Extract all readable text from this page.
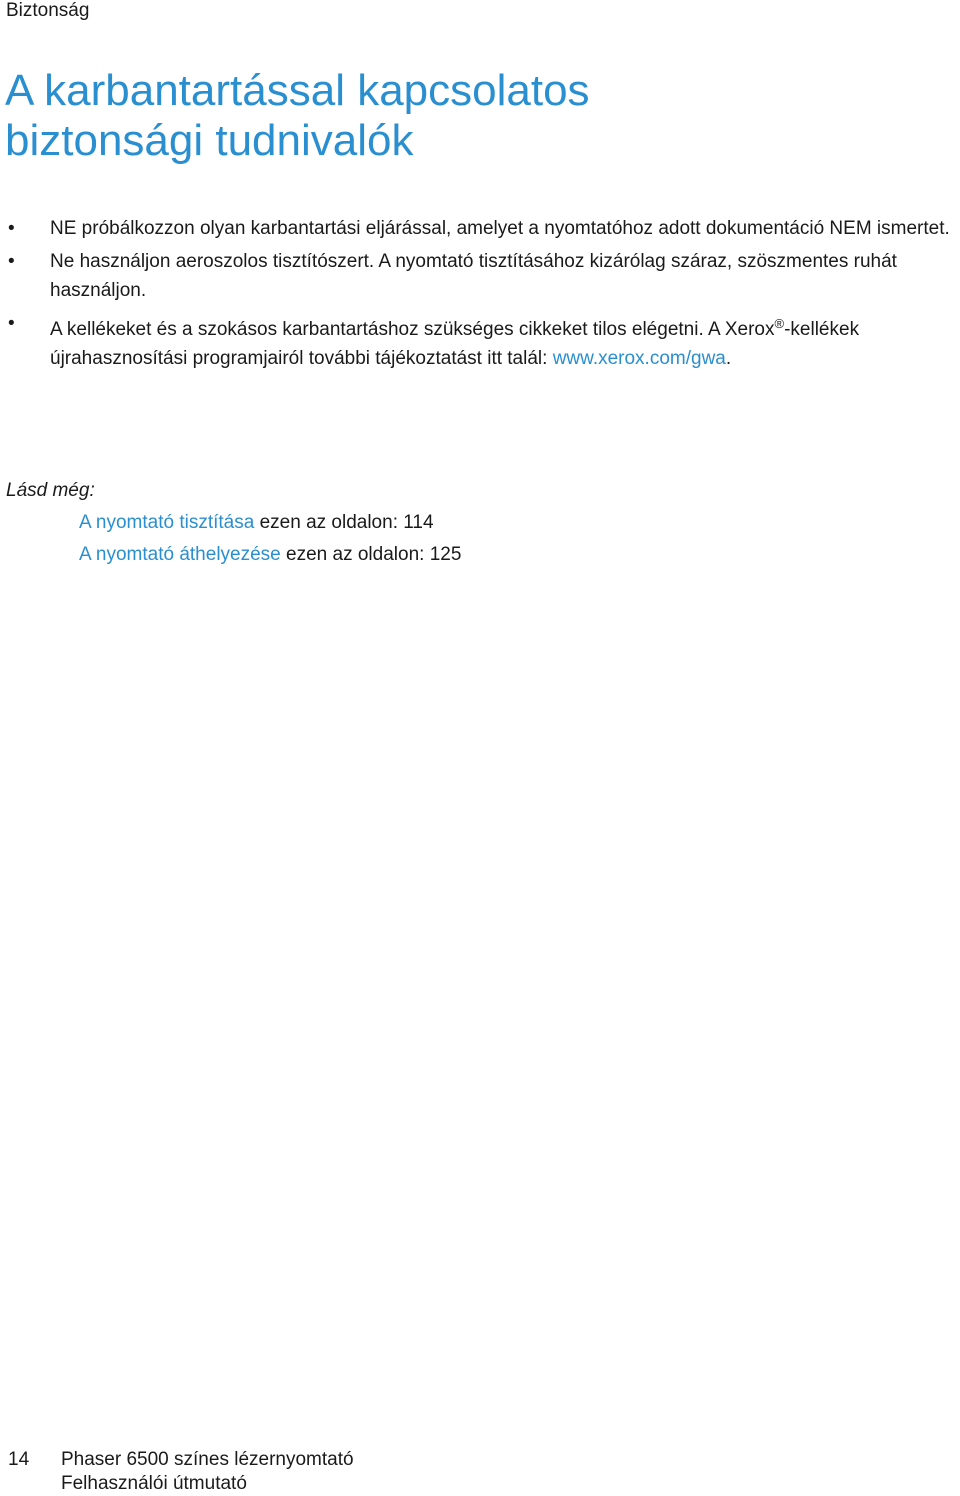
Biztonság
A karbantartással kapcsolatos
biztonsági tudnivalók
• NE próbálkozzon olyan karbantartási eljárással, amelyet a nyomtatóhoz adott dokumentáció NEM ismertet.
• Ne használjon aeroszolos tisztítószert. A nyomtató tisztításához kizárólag száraz, szöszmentes ruhát használjon.
• A kellékeket és a szokásos karbantartáshoz szükséges cikkeket tilos elégetni. A Xerox®-kellékek újrahasznosítási programjairól további tájékoztatást itt talál: www.xerox.com/gwa.
Lásd még:
A nyomtató tisztítása ezen az oldalon: 114
A nyomtató áthelyezése ezen az oldalon: 125
14 Phaser 6500 színes lézernyomtató
Felhasználói útmutató
